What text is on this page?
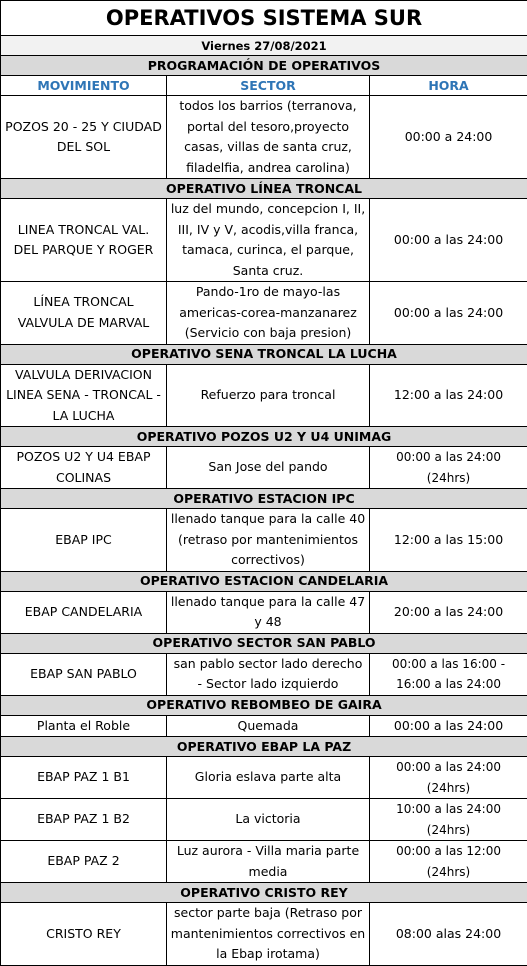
OPERATIVOS SISTEMA SUR		
Viernes 27/08/2021		
PROGRAMACIÓN DE OPERATIVOS		
MOVIMIENTO	SECTOR	HORA
POZOS 20 - 25 Y CIUDAD DEL SOL	todos los barrios (terranova, portal del tesoro,proyecto casas, villas de santa cruz, filadelfia, andrea carolina)	00:00 a 24:00
OPERATIVO LÍNEA TRONCAL		
LINEA TRONCAL VAL. DEL PARQUE Y ROGER	luz del mundo, concepcion I, II, III, IV y V, acodis,villa franca, tamaca, curinca, el parque, Santa cruz.	00:00 a las 24:00
LÍNEA TRONCAL VALVULA DE MARVAL	Pando-1ro de mayo-las americas-corea-manzanarez (Servicio con baja presion)	00:00 a las 24:00
OPERATIVO SENA TRONCAL LA LUCHA		
VALVULA DERIVACION LINEA SENA - TRONCAL - LA LUCHA	Refuerzo para troncal	12:00 a las 24:00
OPERATIVO POZOS U2 Y U4 UNIMAG		
POZOS U2 Y U4 EBAP COLINAS	San Jose del pando	00:00 a las 24:00 (24hrs)
OPERATIVO ESTACION IPC		
EBAP IPC	llenado tanque para la calle 40 (retraso por mantenimientos correctivos)	12:00 a las 15:00
OPERATIVO ESTACION CANDELARIA		
EBAP CANDELARIA	llenado tanque para la calle 47 y 48	20:00 a las 24:00
OPERATIVO SECTOR SAN PABLO		
EBAP SAN PABLO	san pablo sector lado derecho - Sector lado izquierdo	00:00 a las 16:00 - 16:00 a las 24:00
OPERATIVO REBOMBEO DE GAIRA		
Planta el Roble	Quemada	00:00 a las 24:00
OPERATIVO EBAP LA PAZ		
EBAP PAZ 1 B1	Gloria eslava parte alta	00:00 a las 24:00 (24hrs)
EBAP PAZ 1 B2	La victoria	10:00 a las 24:00 (24hrs)
EBAP PAZ 2	Luz aurora - Villa maria parte media	00:00 a las 12:00 (24hrs)
OPERATIVO CRISTO REY		
CRISTO REY	sector parte baja (Retraso por mantenimientos correctivos en la Ebap irotama)	08:00 alas 24:00
